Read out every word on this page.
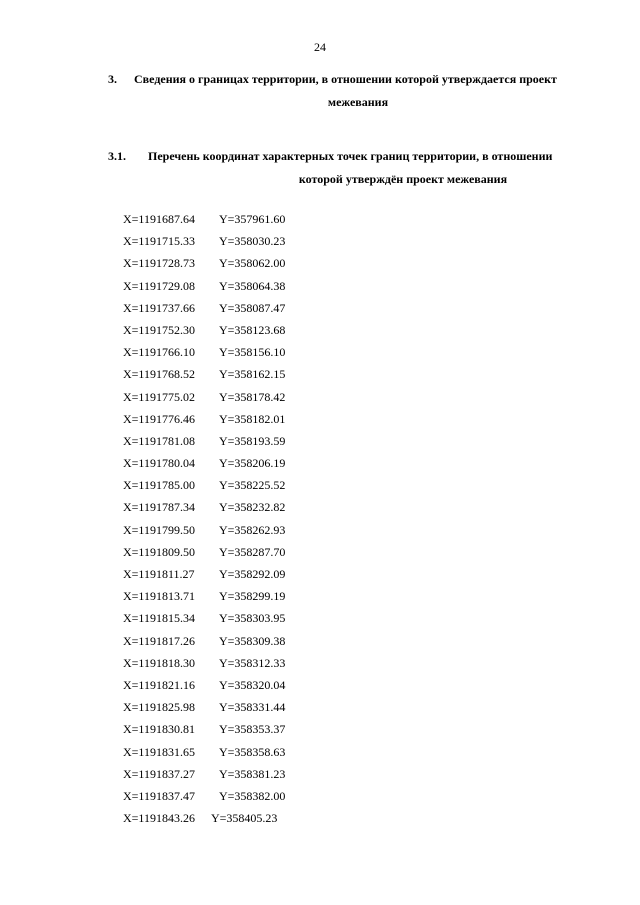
24
3. Сведения о границах территории, в отношении которой утверждается проект
межевания
3.1. Перечень координат характерных точек границ территории, в отношении
которой утверждён проект межевания
X=1191687.64 Y=357961.60
X=1191715.33 Y=358030.23
X=1191728.73 Y=358062.00
X=1191729.08 Y=358064.38
X=1191737.66 Y=358087.47
X=1191752.30 Y=358123.68
X=1191766.10 Y=358156.10
X=1191768.52 Y=358162.15
X=1191775.02 Y=358178.42
X=1191776.46 Y=358182.01
X=1191781.08 Y=358193.59
X=1191780.04 Y=358206.19
X=1191785.00 Y=358225.52
X=1191787.34 Y=358232.82
X=1191799.50 Y=358262.93
X=1191809.50 Y=358287.70
X=1191811.27 Y=358292.09
X=1191813.71 Y=358299.19
X=1191815.34 Y=358303.95
X=1191817.26 Y=358309.38
X=1191818.30 Y=358312.33
X=1191821.16 Y=358320.04
X=1191825.98 Y=358331.44
X=1191830.81 Y=358353.37
X=1191831.65 Y=358358.63
X=1191837.27 Y=358381.23
X=1191837.47 Y=358382.00
X=1191843.26 Y=358405.23
